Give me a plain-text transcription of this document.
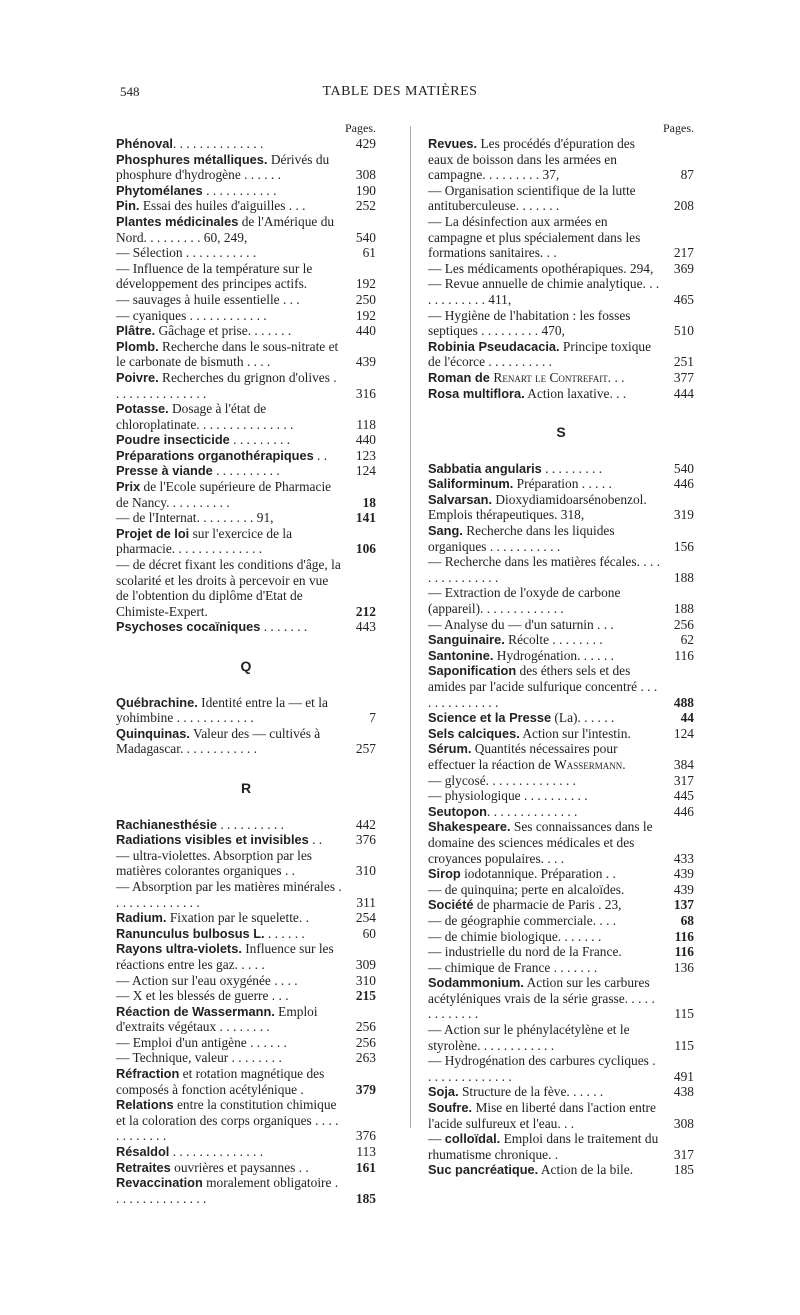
548	TABLE DES MATIÈRES
Pages.
Phénoval. . . . . . . . . . . . . .	429
Phosphures métalliques. Dérivés du phosphure d'hydrogène . . . . . .	308
Phytomélanes . . . . . . . . . . .	190
Pin. Essai des huiles d'aiguilles . . .	252
Plantes médicinales de l'Amérique du Nord. . . . . . . . . 60, 249,	540
— Sélection . . . . . . . . . . .	61
— Influence de la température sur le développement des principes actifs.	192
— sauvages à huile essentielle . . .	250
— cyaniques . . . . . . . . . . . .	192
Plâtre. Gâchage et prise. . . . . . .	440
Plomb. Recherche dans le sous-nitrate et le carbonate de bismuth . . . .	439
Poivre. Recherches du grignon d'olives . . . . . . . . . . . . . . .	316
Potasse. Dosage à l'état de chloroplatinate. . . . . . . . . . . . . . .	118
Poudre insecticide . . . . . . . . .	440
Préparations organothérapiques . .	123
Presse à viande . . . . . . . . . .	124
Prix de l'Ecole supérieure de Pharmacie de Nancy. . . . . . . . . .	18
— de l'Internat. . . . . . . . . 91,	141
Projet de loi sur l'exercice de la pharmacie. . . . . . . . . . . . . .	106
— de décret fixant les conditions d'âge, la scolarité et les droits à percevoir en vue de l'obtention du diplôme d'Etat de Chimiste-Expert.	212
Psychoses cocaïniques . . . . . . .	443
Q
Québrachine. Identité entre la — et la yohimbine . . . . . . . . . . . .	7
Quinquinas. Valeur des — cultivés à Madagascar. . . . . . . . . . . .	257
R
Rachianesthésie . . . . . . . . . .	442
Radiations visibles et invisibles . .	376
— ultra-violettes. Absorption par les matières colorantes organiques . .	310
— Absorption par les matières minérales . . . . . . . . . . . . . .	311
Radium. Fixation par le squelette. .	254
Ranunculus bulbosus L. . . . . . .	60
Rayons ultra-violets. Influence sur les réactions entre les gaz. . . . .	309
— Action sur l'eau oxygénée . . . .	310
— X et les blessés de guerre . . .	215
Réaction de Wassermann. Emploi d'extraits végétaux . . . . . . . .	256
— Emploi d'un antigène . . . . . .	256
— Technique, valeur . . . . . . . .	263
Réfraction et rotation magnétique des composés à fonction acétylénique .	379
Relations entre la constitution chimique et la coloration des corps organiques . . . . . . . . . . . .	376
Résaldol . . . . . . . . . . . . . .	113
Retraites ouvrières et paysannes . .	161
Revaccination moralement obligatoire . . . . . . . . . . . . . . .	185
Pages.
Revues. Les procédés d'épuration des eaux de boisson dans les armées en campagne. . . . . . . . . 37,	87
— Organisation scientifique de la lutte antituberculeuse. . . . . . .	208
— La désinfection aux armées en campagne et plus spécialement dans les formations sanitaires. . .	217
— Les médicaments opothérapiques. 294,	369
— Revue annuelle de chimie analytique. . . . . . . . . . . . 411,	465
— Hygiène de l'habitation : les fosses septiques . . . . . . . . . 470,	510
Robinia Pseudacacia. Principe toxique de l'écorce . . . . . . . . . .	251
Roman de Renart le Contrefait. . .	377
Rosa multiflora. Action laxative. . .	444
S
Sabbatia angularis . . . . . . . . .	540
Saliforminum. Préparation . . . . .	446
Salvarsan. Dioxydiamidoarsénobenzol. Emplois thérapeutiques. 318,	319
Sang. Recherche dans les liquides organiques . . . . . . . . . . .	156
— Recherche dans les matières fécales. . . . . . . . . . . . . . .	188
— Extraction de l'oxyde de carbone (appareil). . . . . . . . . . . . .	188
— Analyse du — d'un saturnin . . .	256
Sanguinaire. Récolte . . . . . . . .	62
Santonine. Hydrogénation. . . . . .	116
Saponification des éthers sels et des amides par l'acide sulfurique concentré . . . . . . . . . . . . . .	488
Science et la Presse (La). . . . . .	44
Sels calciques. Action sur l'intestin.	124
Sérum. Quantités nécessaires pour effectuer la réaction de Wassermann.	384
— glycosé. . . . . . . . . . . . . .	317
— physiologique . . . . . . . . . .	445
Seutopon. . . . . . . . . . . . . .	446
Shakespeare. Ses connaissances dans le domaine des sciences médicales et des croyances populaires. . . .	433
Sirop iodotannique. Préparation . .	439
— de quinquina; perte en alcaloïdes.	439
Société de pharmacie de Paris . 23,	137
— de géographie commerciale. . . .	68
— de chimie biologique. . . . . . .	116
— industrielle du nord de la France.	116
— chimique de France . . . . . . .	136
Sodammonium. Action sur les carbures acétyléniques vrais de la série grasse. . . . . . . . . . . . .	115
— Action sur le phénylacétylène et le styrolène. . . . . . . . . . . .	115
— Hydrogénation des carbures cycliques . . . . . . . . . . . . . .	491
Soja. Structure de la fève. . . . . .	438
Soufre. Mise en liberté dans l'action entre l'acide sulfureux et l'eau. . .	308
— colloïdal. Emploi dans le traitement du rhumatisme chronique. .	317
Suc pancréatique. Action de la bile.	185
